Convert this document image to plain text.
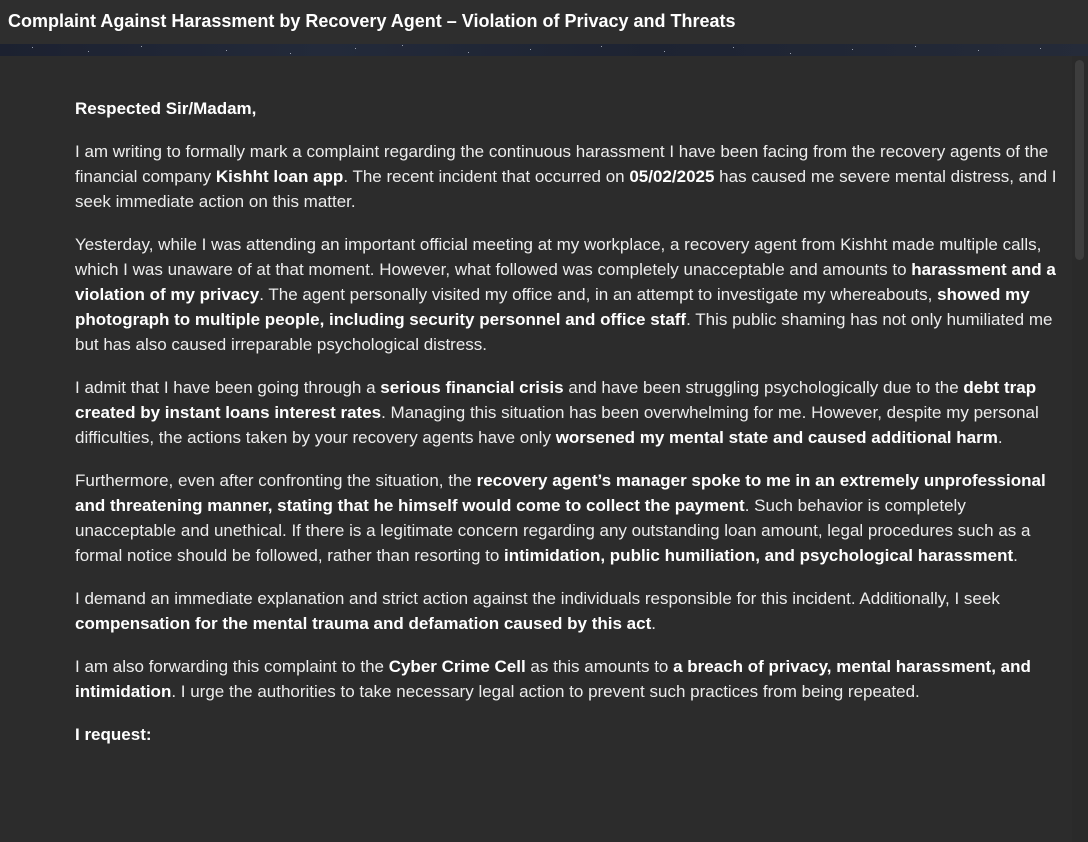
Complaint Against Harassment by Recovery Agent – Violation of Privacy and Threats

Respected Sir/Madam,

I am writing to formally mark a complaint regarding the continuous harassment I have been facing from the recovery agents of the financial company Kishht loan app. The recent incident that occurred on 05/02/2025 has caused me severe mental distress, and I seek immediate action on this matter.

Yesterday, while I was attending an important official meeting at my workplace, a recovery agent from Kishht made multiple calls, which I was unaware of at that moment. However, what followed was completely unacceptable and amounts to harassment and a violation of my privacy. The agent personally visited my office and, in an attempt to investigate my whereabouts, showed my photograph to multiple people, including security personnel and office staff. This public shaming has not only humiliated me but has also caused irreparable psychological distress.

I admit that I have been going through a serious financial crisis and have been struggling psychologically due to the debt trap created by instant loans interest rates. Managing this situation has been overwhelming for me. However, despite my personal difficulties, the actions taken by your recovery agents have only worsened my mental state and caused additional harm.

Furthermore, even after confronting the situation, the recovery agent’s manager spoke to me in an extremely unprofessional and threatening manner, stating that he himself would come to collect the payment. Such behavior is completely unacceptable and unethical. If there is a legitimate concern regarding any outstanding loan amount, legal procedures such as a formal notice should be followed, rather than resorting to intimidation, public humiliation, and psychological harassment.

I demand an immediate explanation and strict action against the individuals responsible for this incident. Additionally, I seek compensation for the mental trauma and defamation caused by this act.

I am also forwarding this complaint to the Cyber Crime Cell as this amounts to a breach of privacy, mental harassment, and intimidation. I urge the authorities to take necessary legal action to prevent such practices from being repeated.

I request:
